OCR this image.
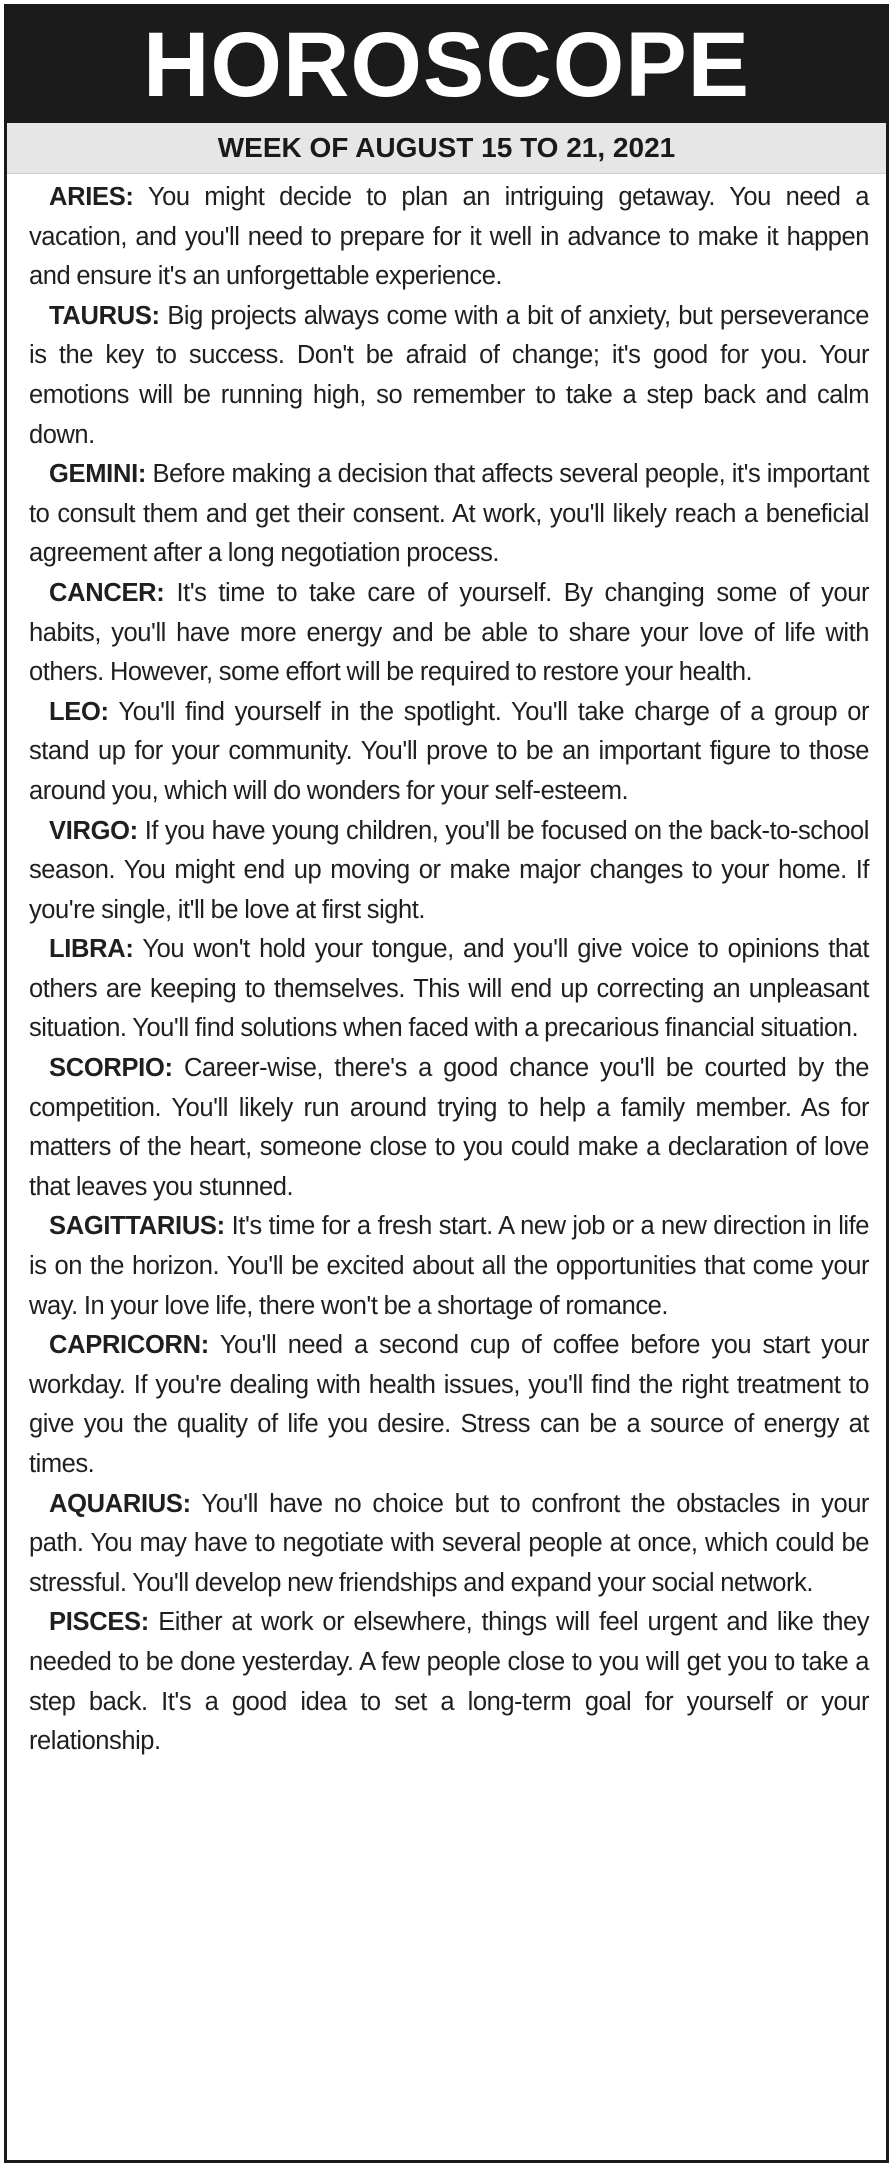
HOROSCOPE
WEEK OF AUGUST 15 TO 21, 2021

ARIES: You might decide to plan an intriguing getaway. You need a vacation, and you'll need to prepare for it well in advance to make it happen and ensure it's an unforgettable experience.

TAURUS: Big projects always come with a bit of anxiety, but perseverance is the key to success. Don't be afraid of change; it's good for you. Your emotions will be running high, so remember to take a step back and calm down.

GEMINI: Before making a decision that affects several people, it's important to consult them and get their consent. At work, you'll likely reach a beneficial agreement after a long negotiation process.

CANCER: It's time to take care of yourself. By changing some of your habits, you'll have more energy and be able to share your love of life with others. However, some effort will be required to restore your health.

LEO: You'll find yourself in the spotlight. You'll take charge of a group or stand up for your community. You'll prove to be an important figure to those around you, which will do wonders for your self-esteem.

VIRGO: If you have young children, you'll be focused on the back-to-school season. You might end up moving or make major changes to your home. If you're single, it'll be love at first sight.

LIBRA: You won't hold your tongue, and you'll give voice to opinions that others are keeping to themselves. This will end up correcting an unpleasant situation. You'll find solutions when faced with a precarious financial situation.

SCORPIO: Career-wise, there's a good chance you'll be courted by the competition. You'll likely run around trying to help a family member. As for matters of the heart, someone close to you could make a declaration of love that leaves you stunned.

SAGITTARIUS: It's time for a fresh start. A new job or a new direction in life is on the horizon. You'll be excited about all the opportunities that come your way. In your love life, there won't be a shortage of romance.

CAPRICORN: You'll need a second cup of coffee before you start your workday. If you're dealing with health issues, you'll find the right treatment to give you the quality of life you desire. Stress can be a source of energy at times.

AQUARIUS: You'll have no choice but to confront the obstacles in your path. You may have to negotiate with several people at once, which could be stressful. You'll develop new friendships and expand your social network.

PISCES: Either at work or elsewhere, things will feel urgent and like they needed to be done yesterday. A few people close to you will get you to take a step back. It's a good idea to set a long-term goal for yourself or your relationship.
